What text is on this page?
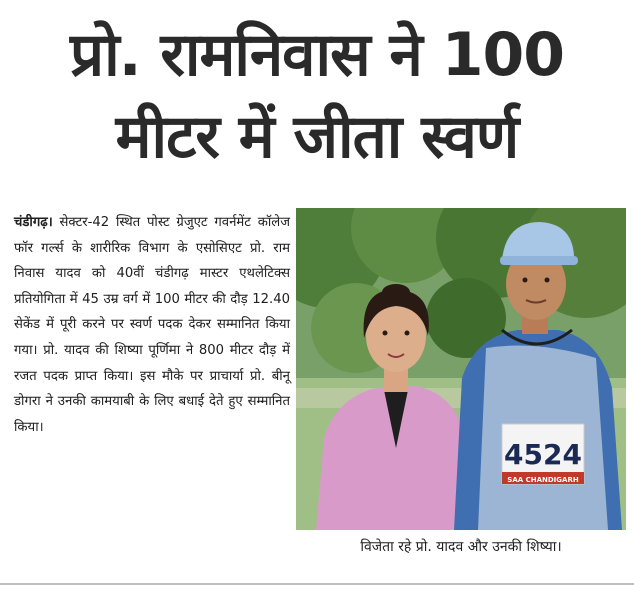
प्रो. रामनिवास ने 100
मीटर में जीता स्वर्ण
चंडीगढ़। सेक्टर-42 स्थित पोस्ट ग्रेजुएट गवर्नमेंट कॉलेज फॉर गर्ल्स के शारीरिक विभाग के एसोसिएट प्रो. राम निवास यादव को 40वीं चंडीगढ़ मास्टर एथलेटिक्स प्रतियोगिता में 45 उम्र वर्ग में 100 मीटर की दौड़ 12.40 सेकेंड में पूरी करने पर स्वर्ण पदक देकर सम्मानित किया गया। प्रो. यादव की शिष्या पूर्णिमा ने 800 मीटर दौड़ में रजत पदक प्राप्त किया। इस मौके पर प्राचार्या प्रो. बीनू डोगरा ने उनकी कामयाबी के लिए बधाई देते हुए सम्मानित किया।
4524
SAA CHANDIGARH
विजेता रहे प्रो. यादव और उनकी शिष्या।
